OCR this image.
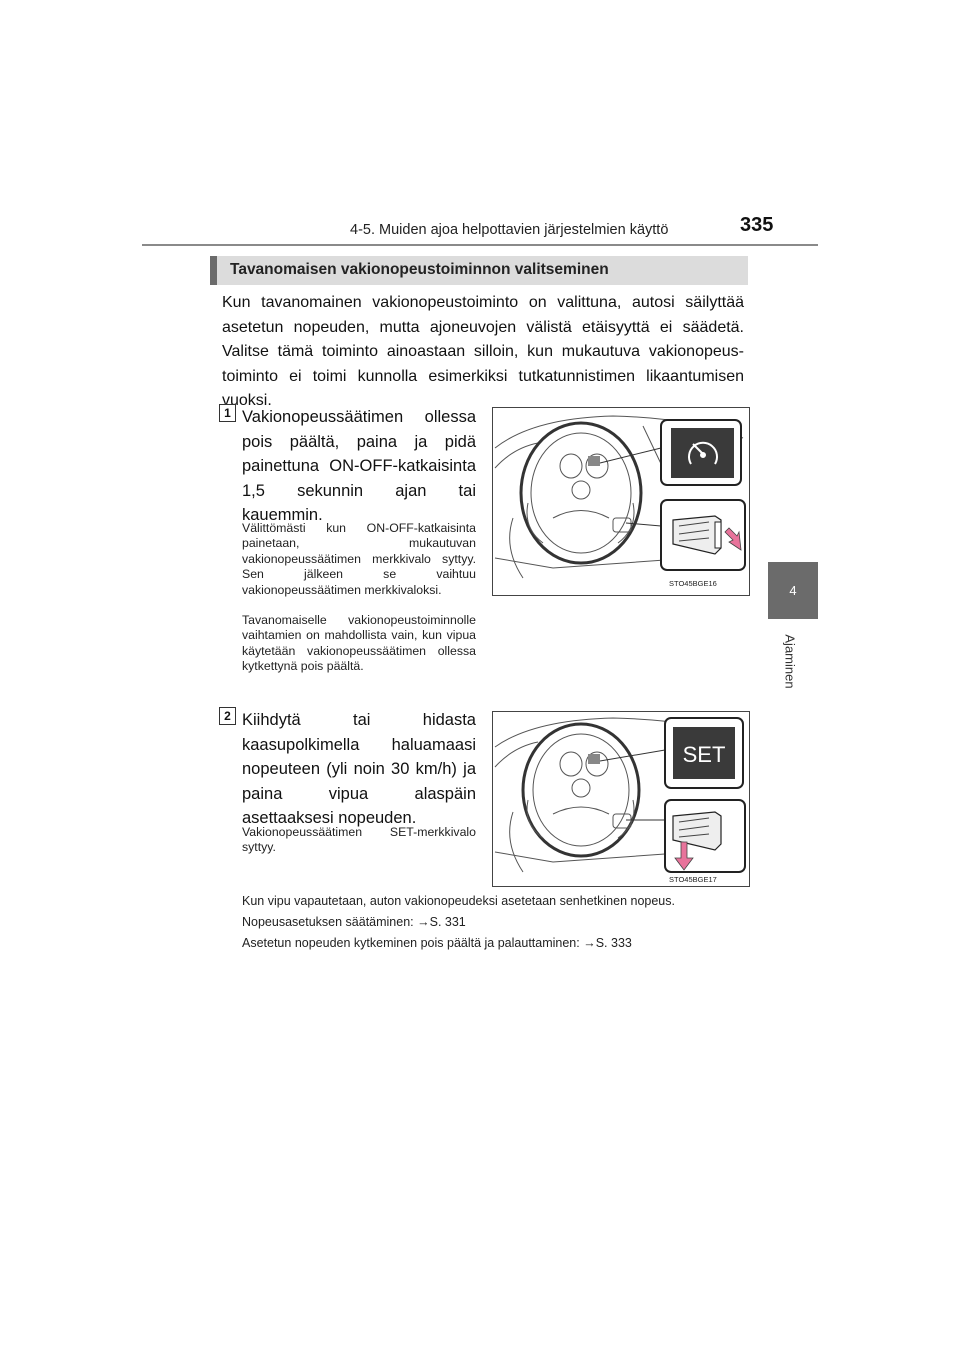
4-5. Muiden ajoa helpottavien järjestelmien käyttö	335
4
Ajaminen
Tavanomaisen vakionopeustoiminnon valitseminen
Kun tavanomainen vakionopeustoiminto on valittuna, autosi säilyttää asetetun nopeuden, mutta ajoneuvojen välistä etäisyyttä ei säädetä. Valitse tämä toiminto ainoastaan silloin, kun mukautuva vakionopeustoiminto ei toimi kunnolla esimerkiksi tutkatunnistimen likaantumisen vuoksi.
1 Vakionopeussäätimen ollessa pois päältä, paina ja pidä painettuna ON-OFF-katkaisinta 1,5 sekunnin ajan tai kauemmin.
Välittömästi kun ON-OFF-katkaisinta painetaan, mukautuvan vakionopeussäätimen merkkivalo syttyy. Sen jälkeen se vaihtuu vakionopeussäätimen merkkivaloksi.
Tavanomaiselle vakionopeustoiminnolle vaihtamien on mahdollista vain, kun vipua käytetään vakionopeussäätimen ollessa kytkettynä pois päältä.
STO45BGE16
2 Kiihdytä tai hidasta kaasupolkimella haluamaasi nopeuteen (yli noin 30 km/h) ja paina vipua alaspäin asettaaksesi nopeuden.
Vakionopeussäätimen SET-merkkivalo syttyy.
SET
STO45BGE17
Kun vipu vapautetaan, auton vakionopeudeksi asetetaan senhetkinen nopeus.
Nopeusasetuksen säätäminen: →S. 331
Asetetun nopeuden kytkeminen pois päältä ja palauttaminen: →S. 333
